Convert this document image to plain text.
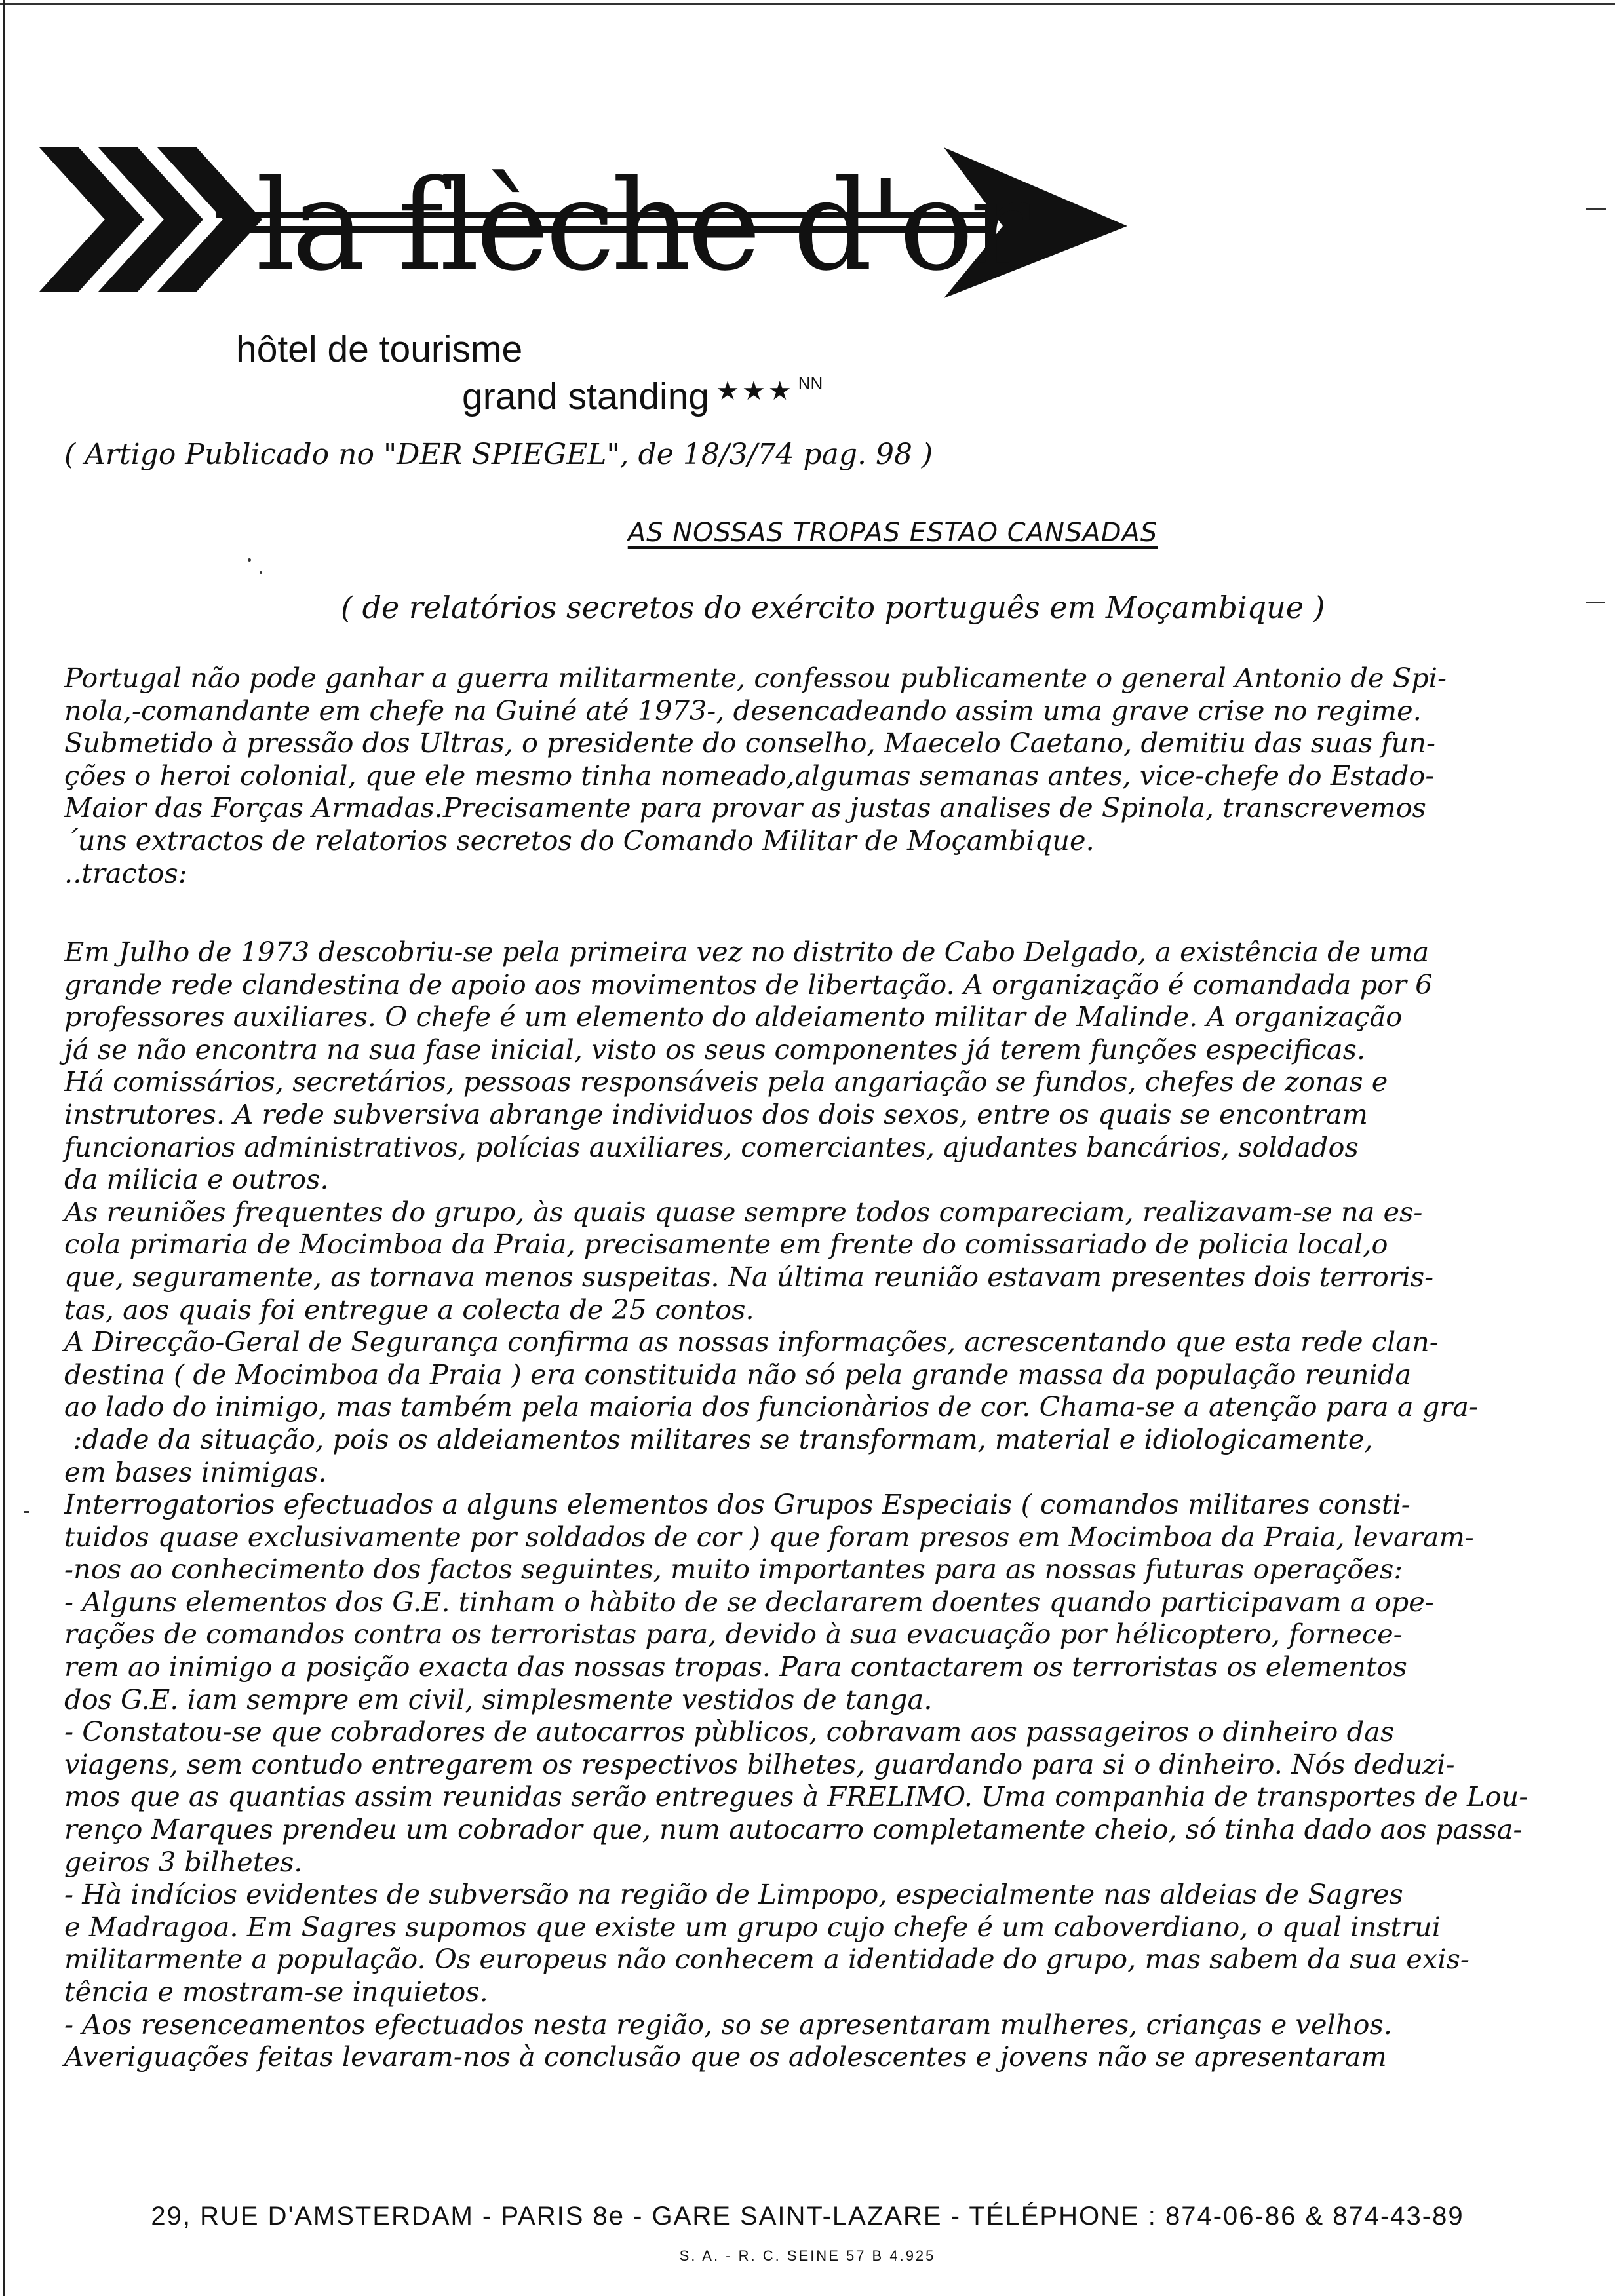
la flèche d'or
hôtel de tourisme
grand standing ★★★ $^{NN}$
( Artigo Publicado no "DER SPIEGEL", de 18/3/74 pag. 98 )
AS NOSSAS TROPAS ESTAO CANSADAS
( de relatórios secretos do exército português em Moçambique )

Portugal não pode ganhar a guerra militarmente, confessou publicamente o general Antonio de Spi-

nola,-comandante em chefe na Guiné até 1973-, desencadeando assim uma grave crise no regime.

Submetido à pressão dos Ultras, o presidente do conselho, Maecelo Caetano, demitiu das suas fun-

ções o heroi colonial, que ele mesmo tinha nomeado,algumas semanas antes, vice-chefe do Estado-

Maior das Forças Armadas.Precisamente para provar as justas analises de Spinola, transcrevemos

´uns extractos de relatorios secretos do Comando Militar de Moçambique.

..tractos:

Em Julho de 1973 descobriu-se pela primeira vez no distrito de Cabo Delgado, a existência de uma

grande rede clandestina de apoio aos movimentos de libertação. A organização é comandada por 6

professores auxiliares. O chefe é um elemento do aldeiamento militar de Malinde. A organização

já se não encontra na sua fase inicial, visto os seus componentes já terem funções especificas.

Há comissários, secretários, pessoas responsáveis pela angariação se fundos, chefes de zonas e

instrutores. A rede subversiva abrange individuos dos dois sexos, entre os quais se encontram

funcionarios administrativos, polícias auxiliares, comerciantes, ajudantes bancários, soldados

da milicia e outros.

As reuniões frequentes do grupo, às quais quase sempre todos compareciam, realizavam-se na es-

cola primaria de Mocimboa da Praia, precisamente em frente do comissariado de policia local,o

que, seguramente, as tornava menos suspeitas. Na última reunião estavam presentes dois terroris-

tas, aos quais foi entregue a colecta de 25 contos.

A Direcção-Geral de Segurança confirma as nossas informações, acrescentando que esta rede clan-

destina ( de Mocimboa da Praia ) era constituida não só pela grande massa da população reunida

ao lado do inimigo, mas também pela maioria dos funcionàrios de cor. Chama-se a atenção para a gra-

:dade da situação, pois os aldeiamentos militares se transformam, material e idiologicamente,

em bases inimigas.

Interrogatorios efectuados a alguns elementos dos Grupos Especiais ( comandos militares consti-

tuidos quase exclusivamente por soldados de cor ) que foram presos em Mocimboa da Praia, levaram-

-nos ao conhecimento dos factos seguintes, muito importantes para as nossas futuras operações:

- Alguns elementos dos G.E. tinham o hàbito de se declararem doentes quando participavam a ope-

rações de comandos contra os terroristas para, devido à sua evacuação por hélicoptero, fornece-

rem ao inimigo a posição exacta das nossas tropas. Para contactarem os terroristas os elementos

dos G.E. iam sempre em civil, simplesmente vestidos de tanga.

- Constatou-se que cobradores de autocarros pùblicos, cobravam aos passageiros o dinheiro das

viagens, sem contudo entregarem os respectivos bilhetes, guardando para si o dinheiro. Nós deduzi-

mos que as quantias assim reunidas serão entregues à FRELIMO. Uma companhia de transportes de Lou-

renço Marques prendeu um cobrador que, num autocarro completamente cheio, só tinha dado aos passa-

geiros 3 bilhetes.

- Hà indícios evidentes de subversão na região de Limpopo, especialmente nas aldeias de Sagres

e Madragoa. Em Sagres supomos que existe um grupo cujo chefe é um caboverdiano, o qual instrui

militarmente a população. Os europeus não conhecem a identidade do grupo, mas sabem da sua exis-

tência e mostram-se inquietos.

- Aos resenceamentos efectuados nesta região, so se apresentaram mulheres, crianças e velhos.

Averiguações feitas levaram-nos à conclusão que os adolescentes e jovens não se apresentaram

29, RUE D'AMSTERDAM - PARIS 8e - GARE SAINT-LAZARE - TÉLÉPHONE : 874-06-86 & 874-43-89
S. A. - R. C. SEINE 57 B 4.925
